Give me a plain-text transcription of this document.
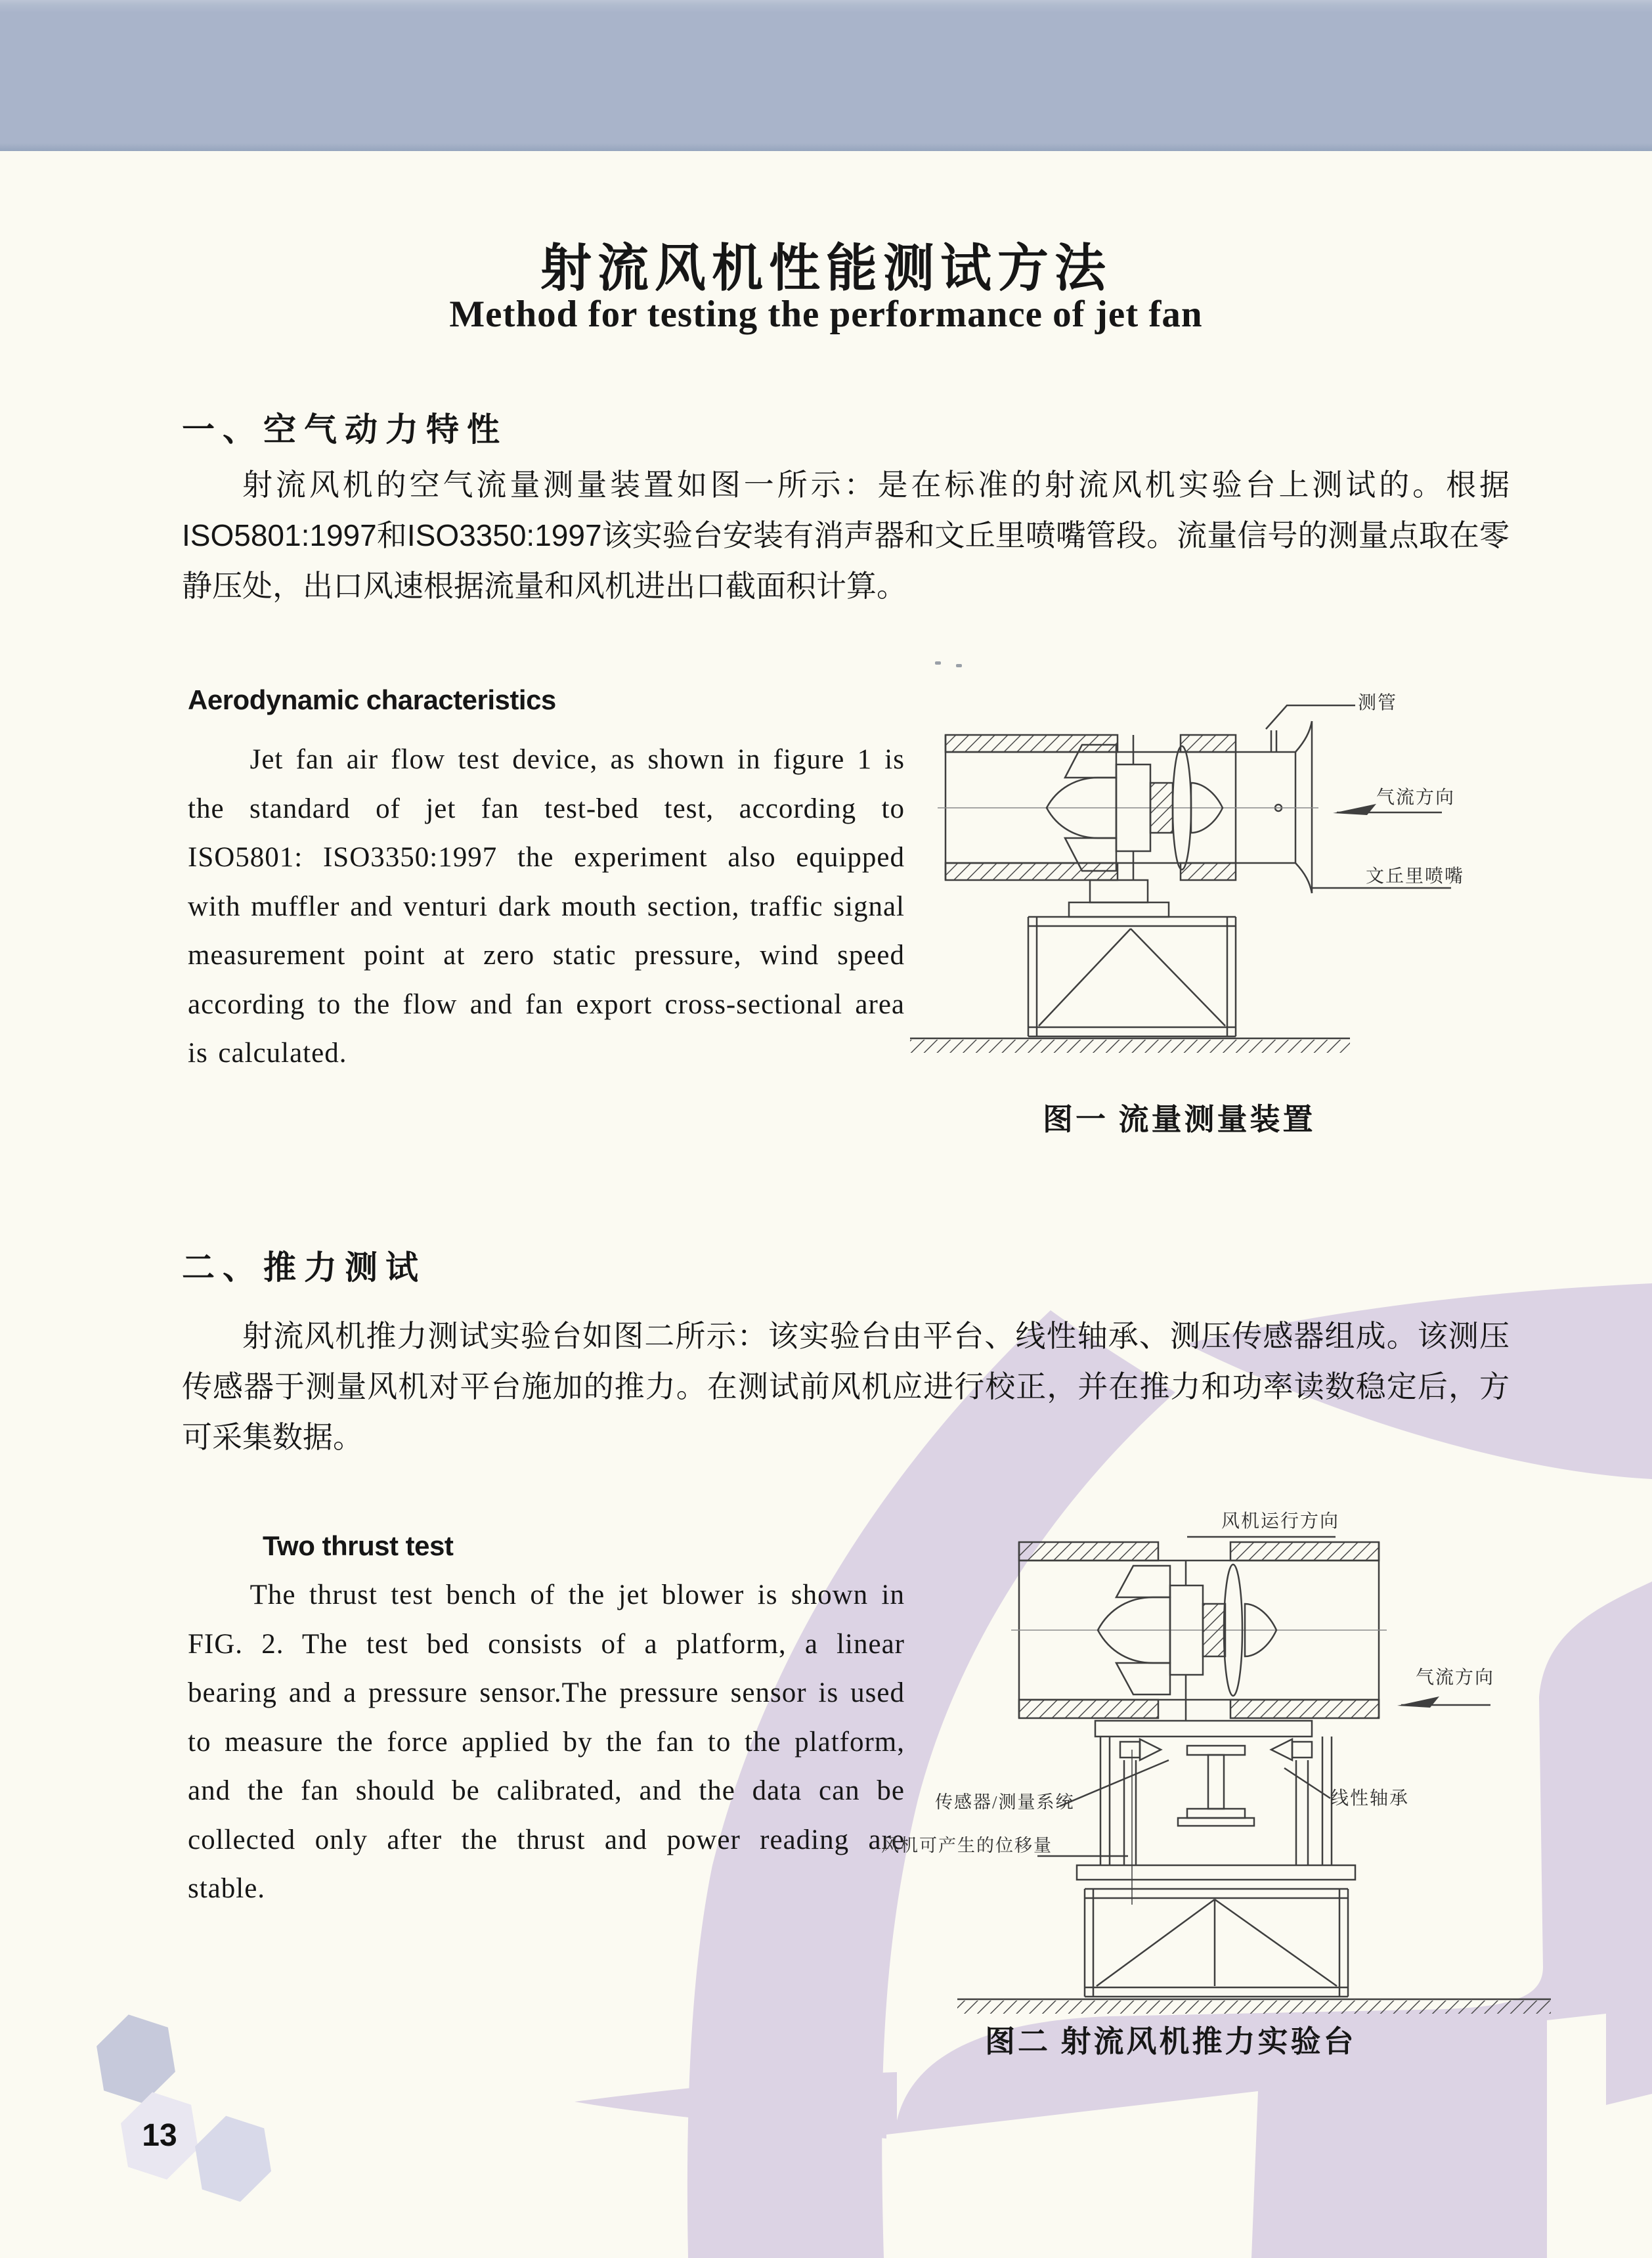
射流风机性能测试方法
Method for testing the performance of jet fan
一、空气动力特性
射流风机的空气流量测量装置如图一所示：是在标准的射流风机实验台上测试的。根据ISO5801:1997和ISO3350:1997该实验台安装有消声器和文丘里喷嘴管段。流量信号的测量点取在零静压处，出口风速根据流量和风机进出口截面积计算。
Aerodynamic characteristics
Jet fan air flow test device, as shown in figure 1 is the standard of jet fan test-bed test, according to ISO5801: ISO3350:1997 the experiment also equipped with muffler and venturi dark mouth section, traffic signal measurement point at zero static pressure, wind speed according to the flow and fan export cross-sectional area is calculated.
测管
气流方向
文丘里喷嘴
图一 流量测量装置
二、推力测试
射流风机推力测试实验台如图二所示：该实验台由平台、线性轴承、测压传感器组成。该测压传感器于测量风机对平台施加的推力。在测试前风机应进行校正，并在推力和功率读数稳定后，方可采集数据。
Two thrust test
The thrust test bench of the jet blower is shown in FIG. 2. The test bed consists of a platform, a linear bearing and a pressure sensor.The pressure sensor is used to measure the force applied by the fan to the platform, and the fan should be calibrated, and the data can be collected only after the thrust and power reading are stable.
风机运行方向
气流方向
传感器/测量系统	线性轴承
风机可产生的位移量
图二 射流风机推力实验台
13
